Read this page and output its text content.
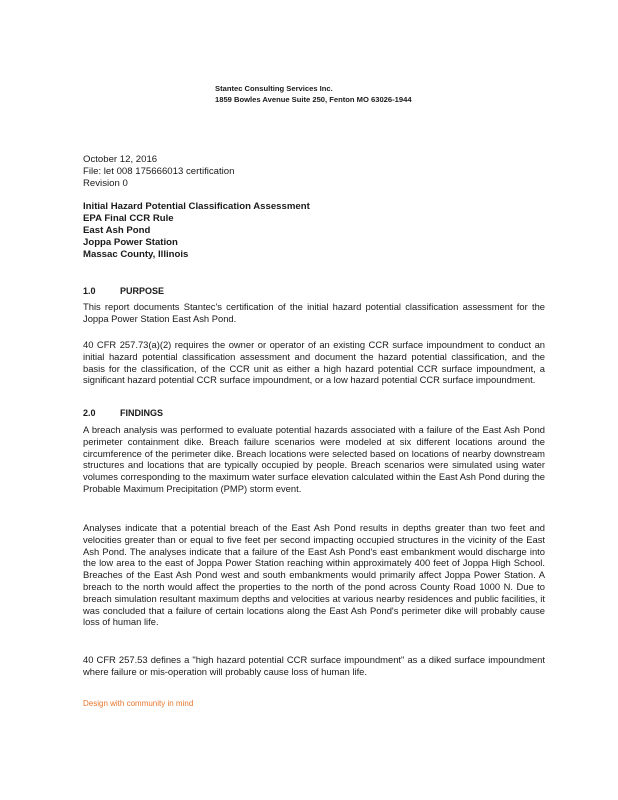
Stantec Consulting Services Inc.
1859 Bowles Avenue Suite 250, Fenton MO 63026-1944
October 12, 2016
File: let 008 175666013 certification
Revision 0
Initial Hazard Potential Classification Assessment
EPA Final CCR Rule
East Ash Pond
Joppa Power Station
Massac County, Illinois
1.0	PURPOSE
This report documents Stantec's certification of the initial hazard potential classification assessment for the Joppa Power Station East Ash Pond.
40 CFR 257.73(a)(2) requires the owner or operator of an existing CCR surface impoundment to conduct an initial hazard potential classification assessment and document the hazard potential classification, and the basis for the classification, of the CCR unit as either a high hazard potential CCR surface impoundment, a significant hazard potential CCR surface impoundment, or a low hazard potential CCR surface impoundment.
2.0	FINDINGS
A breach analysis was performed to evaluate potential hazards associated with a failure of the East Ash Pond perimeter containment dike. Breach failure scenarios were modeled at six different locations around the circumference of the perimeter dike. Breach locations were selected based on locations of nearby downstream structures and locations that are typically occupied by people. Breach scenarios were simulated using water volumes corresponding to the maximum water surface elevation calculated within the East Ash Pond during the Probable Maximum Precipitation (PMP) storm event.
Analyses indicate that a potential breach of the East Ash Pond results in depths greater than two feet and velocities greater than or equal to five feet per second impacting occupied structures in the vicinity of the East Ash Pond. The analyses indicate that a failure of the East Ash Pond's east embankment would discharge into the low area to the east of Joppa Power Station reaching within approximately 400 feet of Joppa High School. Breaches of the East Ash Pond west and south embankments would primarily affect Joppa Power Station. A breach to the north would affect the properties to the north of the pond across County Road 1000 N. Due to breach simulation resultant maximum depths and velocities at various nearby residences and public facilities, it was concluded that a failure of certain locations along the East Ash Pond's perimeter dike will probably cause loss of human life.
40 CFR 257.53 defines a "high hazard potential CCR surface impoundment" as a diked surface impoundment where failure or mis-operation will probably cause loss of human life.
Design with community in mind
